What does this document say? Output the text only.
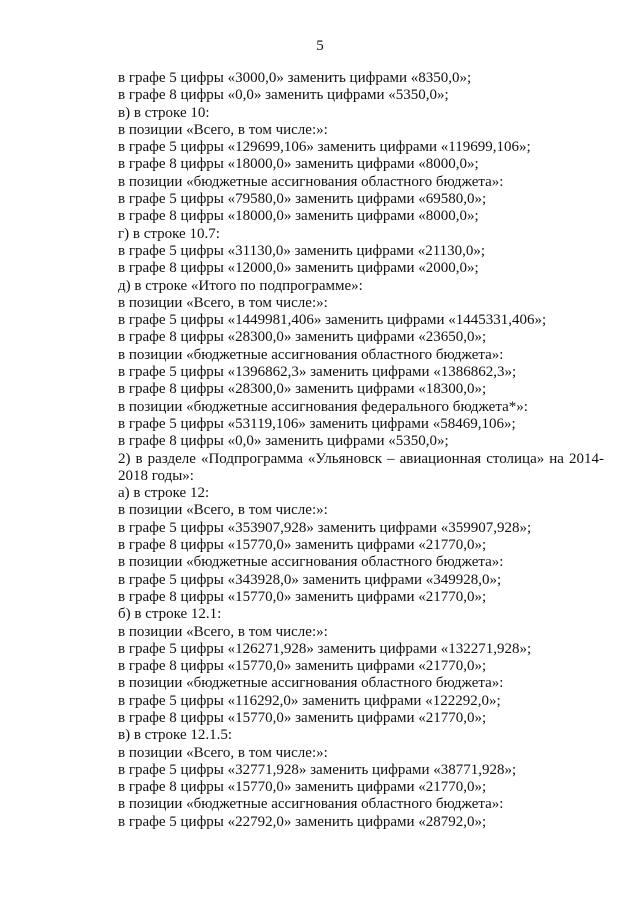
5
в графе 5 цифры «3000,0» заменить цифрами «8350,0»;
в графе 8 цифры «0,0» заменить цифрами «5350,0»;
в) в строке 10:
в позиции «Всего, в том числе:»:
в графе 5 цифры «129699,106» заменить цифрами «119699,106»;
в графе 8 цифры «18000,0» заменить цифрами «8000,0»;
в позиции «бюджетные ассигнования областного бюджета»:
в графе 5 цифры «79580,0» заменить цифрами «69580,0»;
в графе 8 цифры «18000,0» заменить цифрами «8000,0»;
г) в строке 10.7:
в графе 5 цифры «31130,0» заменить цифрами «21130,0»;
в графе 8 цифры «12000,0» заменить цифрами «2000,0»;
д) в строке «Итого по подпрограмме»:
в позиции «Всего, в том числе:»:
в графе 5 цифры «1449981,406» заменить цифрами «1445331,406»;
в графе 8 цифры «28300,0» заменить цифрами «23650,0»;
в позиции «бюджетные ассигнования областного бюджета»:
в графе 5 цифры «1396862,3» заменить цифрами «1386862,3»;
в графе 8 цифры «28300,0» заменить цифрами «18300,0»;
в позиции «бюджетные ассигнования федерального бюджета*»:
в графе 5 цифры «53119,106» заменить цифрами «58469,106»;
в графе 8 цифры «0,0» заменить цифрами «5350,0»;
2) в разделе «Подпрограмма «Ульяновск – авиационная столица» на 2014-2018 годы»:
а) в строке 12:
в позиции «Всего, в том числе:»:
в графе 5 цифры «353907,928» заменить цифрами «359907,928»;
в графе 8 цифры «15770,0» заменить цифрами «21770,0»;
в позиции «бюджетные ассигнования областного бюджета»:
в графе 5 цифры «343928,0» заменить цифрами «349928,0»;
в графе 8 цифры «15770,0» заменить цифрами «21770,0»;
б) в строке 12.1:
в позиции «Всего, в том числе:»:
в графе 5 цифры «126271,928» заменить цифрами «132271,928»;
в графе 8 цифры «15770,0» заменить цифрами «21770,0»;
в позиции «бюджетные ассигнования областного бюджета»:
в графе 5 цифры «116292,0» заменить цифрами «122292,0»;
в графе 8 цифры «15770,0» заменить цифрами «21770,0»;
в) в строке 12.1.5:
в позиции «Всего, в том числе:»:
в графе 5 цифры «32771,928» заменить цифрами «38771,928»;
в графе 8 цифры «15770,0» заменить цифрами «21770,0»;
в позиции «бюджетные ассигнования областного бюджета»:
в графе 5 цифры «22792,0» заменить цифрами «28792,0»;
